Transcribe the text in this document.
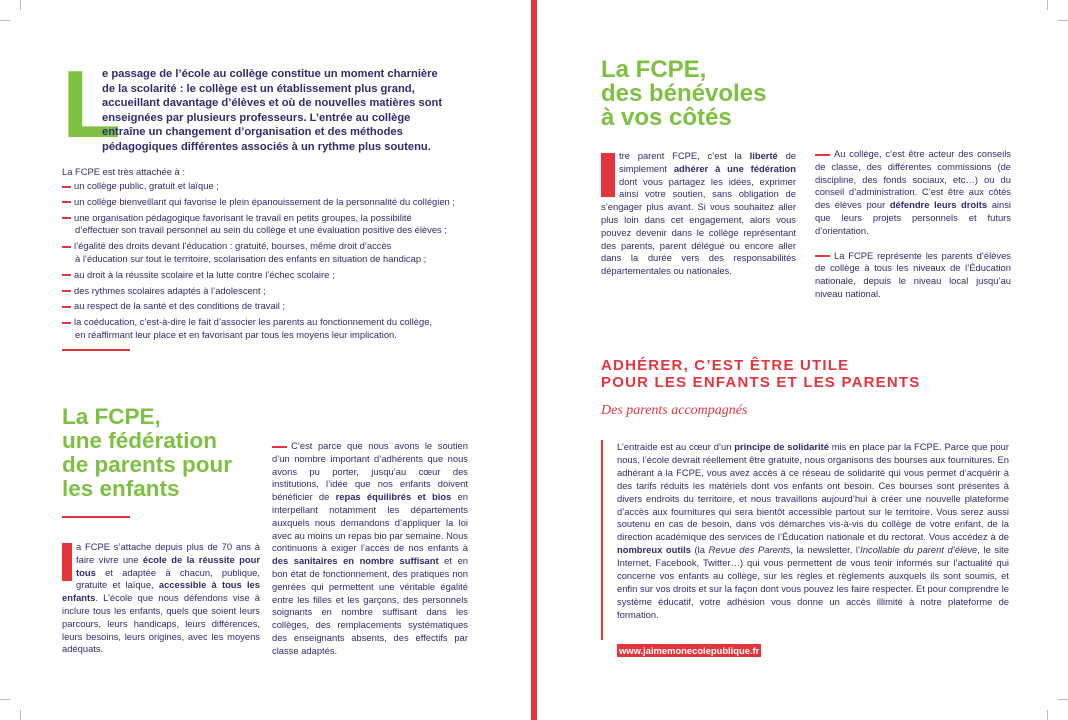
L
e passage de l’école au collège constitue un moment charnière de la scolarité : le collège est un établissement plus grand, accueillant davantage d’élèves et où de nouvelles matières sont enseignées par plusieurs professeurs. L’entrée au collège entraîne un changement d’organisation et des méthodes pédagogiques différentes associés à un rythme plus soutenu.
La FCPE est très attachée à :
un collège public, gratuit et laïque ;
un collège bienveillant qui favorise le plein épanouissement de la personnalité du collégien ;
une organisation pédagogique favorisant le travail en petits groupes, la possibilité
d’effectuer son travail personnel au sein du collège et une évaluation positive des élèves ;
l’égalité des droits devant l’éducation : gratuité, bourses, même droit d’accès
à l’éducation sur tout le territoire, scolarisation des enfants en situation de handicap ;
au droit à la réussite scolaire et la lutte contre l’échec scolaire ;
des rythmes scolaires adaptés à l’adolescent ;
au respect de la santé et des conditions de travail ;
la coéducation, c’est-à-dire le fait d’associer les parents au fonctionnement du collège,
en réaffirmant leur place et en favorisant par tous les moyens leur implication.
La FCPE,
une fédération
de parents pour
les enfants
a FCPE s’attache depuis plus de 70 ans à faire vivre une école de la réussite pour tous et adaptée à chacun, publique, gratuite et laïque, accessible à tous les enfants. L’école que nous défendons vise à inclure tous les enfants, quels que soient leurs parcours, leurs handicaps, leurs différences, leurs besoins, leurs origines, avec les moyens adéquats.
C’est parce que nous avons le soutien d’un nombre important d’adhérents que nous avons pu porter, jusqu’au cœur des institutions, l’idée que nos enfants doivent bénéficier de repas équilibrés et bios en interpellant notamment les départements auxquels nous demandons d’appliquer la loi avec au moins un repas bio par semaine. Nous continuons à exiger l’accès de nos enfants à des sanitaires en nombre suffisant et en bon état de fonctionnement, des pratiques non genrées qui permettent une véritable égalité entre les filles et les garçons, des personnels soignants en nombre suffisant dans les collèges, des remplacements systématiques des enseignants absents, des effectifs par classe adaptés.
La FCPE,
des bénévoles
à vos côtés
tre parent FCPE, c’est la liberté de simplement adhérer à une fédération dont vous partagez les idées, exprimer ainsi votre soutien, sans obligation de s’engager plus avant. Si vous souhaitez aller plus loin dans cet engagement, alors vous pouvez devenir dans le collège représentant des parents, parent délégué ou encore aller dans la durée vers des responsabilités départementales ou nationales.
Au collège, c’est être acteur des conseils de classe, des différentes commissions (de discipline, des fonds sociaux, etc…) ou du conseil d’administration. C’est être aux côtés des élèves pour défendre leurs droits ainsi que leurs projets personnels et futurs d’orientation.
La FCPE représente les parents d’élèves de collège à tous les niveaux de l’Éducation nationale, depuis le niveau local jusqu’au niveau national.
ADHÉRER, C’EST ÊTRE UTILE
POUR LES ENFANTS ET LES PARENTS
Des parents accompagnés
L’entraide est au cœur d’un principe de solidarité mis en place par la FCPE. Parce que pour nous, l’école devrait réellement être gratuite, nous organisons des bourses aux fournitures. En adhérant à la FCPE, vous avez accès à ce réseau de solidarité qui vous permet d’acquérir à des tarifs réduits les matériels dont vos enfants ont besoin. Ces bourses sont présentes à divers endroits du territoire, et nous travaillons aujourd’hui à créer une nouvelle plateforme d’accès aux fournitures qui sera bientôt accessible partout sur le territoire. Vous serez aussi soutenu en cas de besoin, dans vos démarches vis-à-vis du collège de votre enfant, de la direction académique des services de l’Éducation nationale et du rectorat. Vous accédez à de nombreux outils (la Revue des Parents, la newsletter, l’Incollable du parent d’élève, le site Internet, Facebook, Twitter…) qui vous permettent de vous tenir informés sur l’actualité qui concerne vos enfants au collège, sur les règles et règlements auxquels ils sont soumis, et enfin sur vos droits et sur la façon dont vous pouvez les faire respecter. Et pour comprendre le système éducatif, votre adhésion vous donne un accès illimité à notre plateforme de formation.
www.jaimemonecolepublique.fr
